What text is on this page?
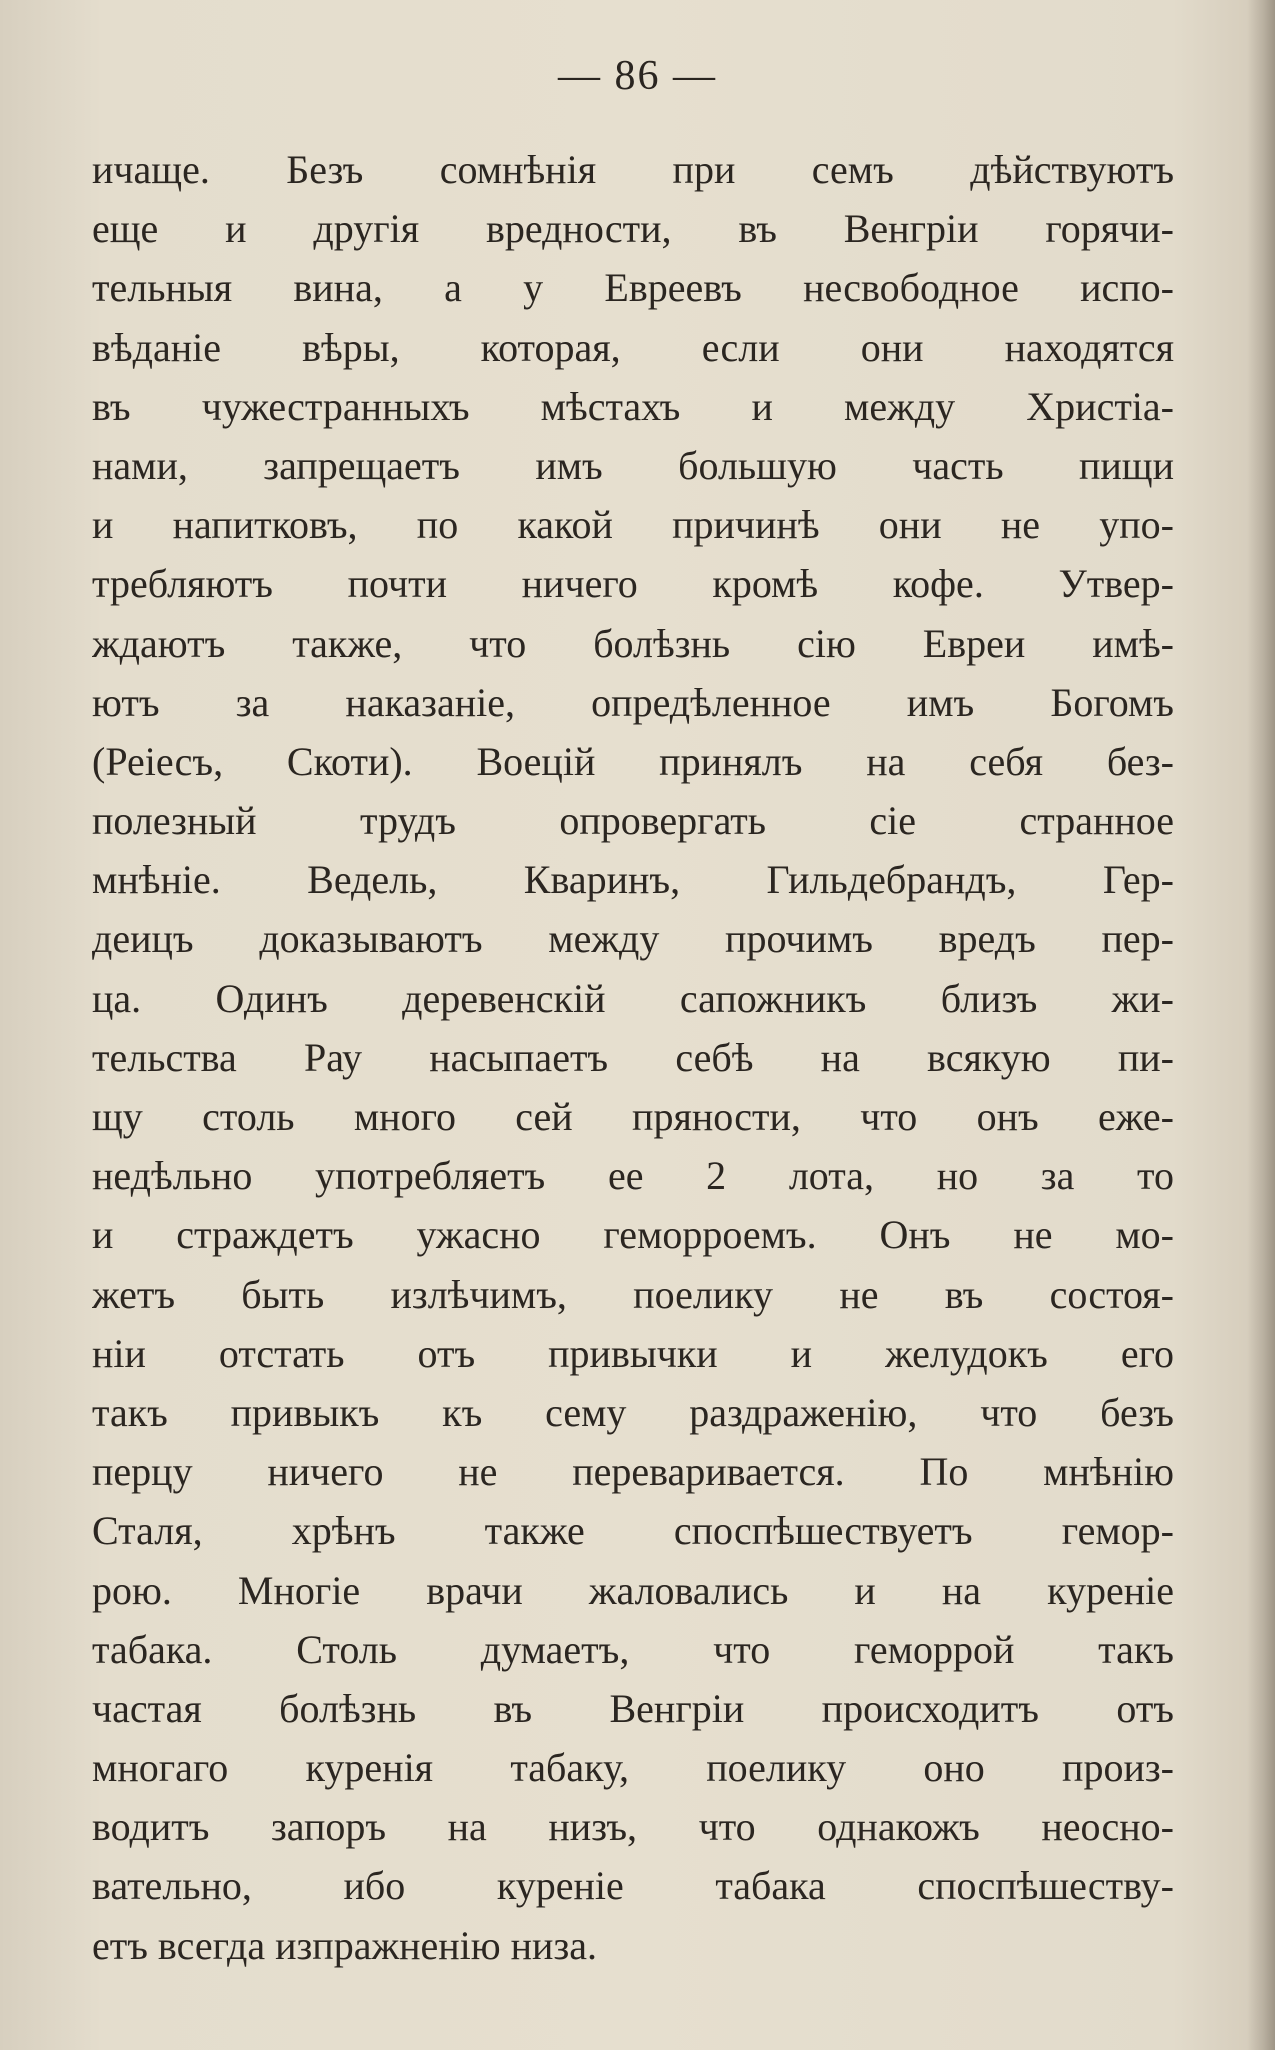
— 86 —
ичаще. Безъ сомнѣнія при семъ дѣйствуютъ
еще и другія вредности, въ Венгріи горячи-
тельныя вина, а у Евреевъ несвободное испо-
вѣданіе вѣры, которая, если они находятся
въ чужестранныхъ мѣстахъ и между Христіа-
нами, запрещаетъ имъ большую часть пищи
и напитковъ, по какой причинѣ они не упо-
требляютъ почти ничего кромѣ кофе. Утвер-
ждаютъ также, что болѣзнь сію Евреи имѣ-
ютъ за наказаніе, опредѣленное имъ Богомъ
(Реіесъ, Скоти). Воецій принялъ на себя без-
полезный трудъ опровергать сіе странное
мнѣніе. Ведель, Кваринъ, Гильдебрандъ, Гер-
деицъ доказываютъ между прочимъ вредъ пер-
ца. Одинъ деревенскій сапожникъ близъ жи-
тельства Рау насыпаетъ себѣ на всякую пи-
щу столь много сей пряности, что онъ еже-
недѣльно употребляетъ ее 2 лота, но за то
и страждетъ ужасно геморроемъ. Онъ не мо-
жетъ быть излѣчимъ, поелику не въ состоя-
ніи отстать отъ привычки и желудокъ его
такъ привыкъ къ сему раздраженію, что безъ
перцу ничего не переваривается. По мнѣнію
Сталя, хрѣнъ также споспѣшествуетъ гемор-
рою. Многіе врачи жаловались и на куреніе
табака. Столь думаетъ, что геморрой такъ
частая болѣзнь въ Венгріи происходитъ отъ
многаго куренія табаку, поелику оно произ-
водитъ запоръ на низъ, что однакожъ неосно-
вательно, ибо куреніе табака споспѣшеству-
етъ всегда изпражненію низа.
